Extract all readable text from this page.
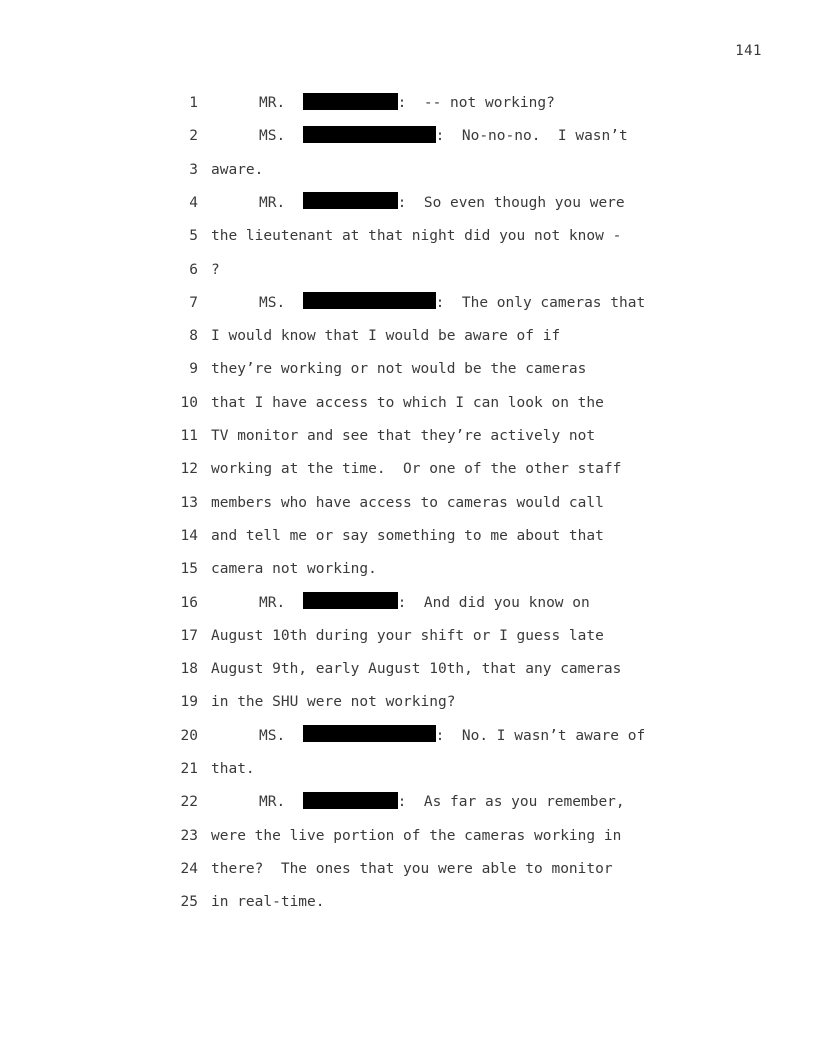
141
1	MR.	:  -- not working?
2	MS.	:  No-no-no.  I wasn’t
3 aware.
4	MR.	:  So even though you were
5 the lieutenant at that night did you not know -
6 ?
7	MS.	:  The only cameras that
8 I would know that I would be aware of if
9 they’re working or not would be the cameras
10 that I have access to which I can look on the
11 TV monitor and see that they’re actively not
12 working at the time.  Or one of the other staff
13 members who have access to cameras would call
14 and tell me or say something to me about that
15 camera not working.
16	MR.	:  And did you know on
17 August 10th during your shift or I guess late
18 August 9th, early August 10th, that any cameras
19 in the SHU were not working?
20	MS.	:  No. I wasn’t aware of
21 that.
22	MR.	:  As far as you remember,
23 were the live portion of the cameras working in
24 there?  The ones that you were able to monitor
25 in real-time.
